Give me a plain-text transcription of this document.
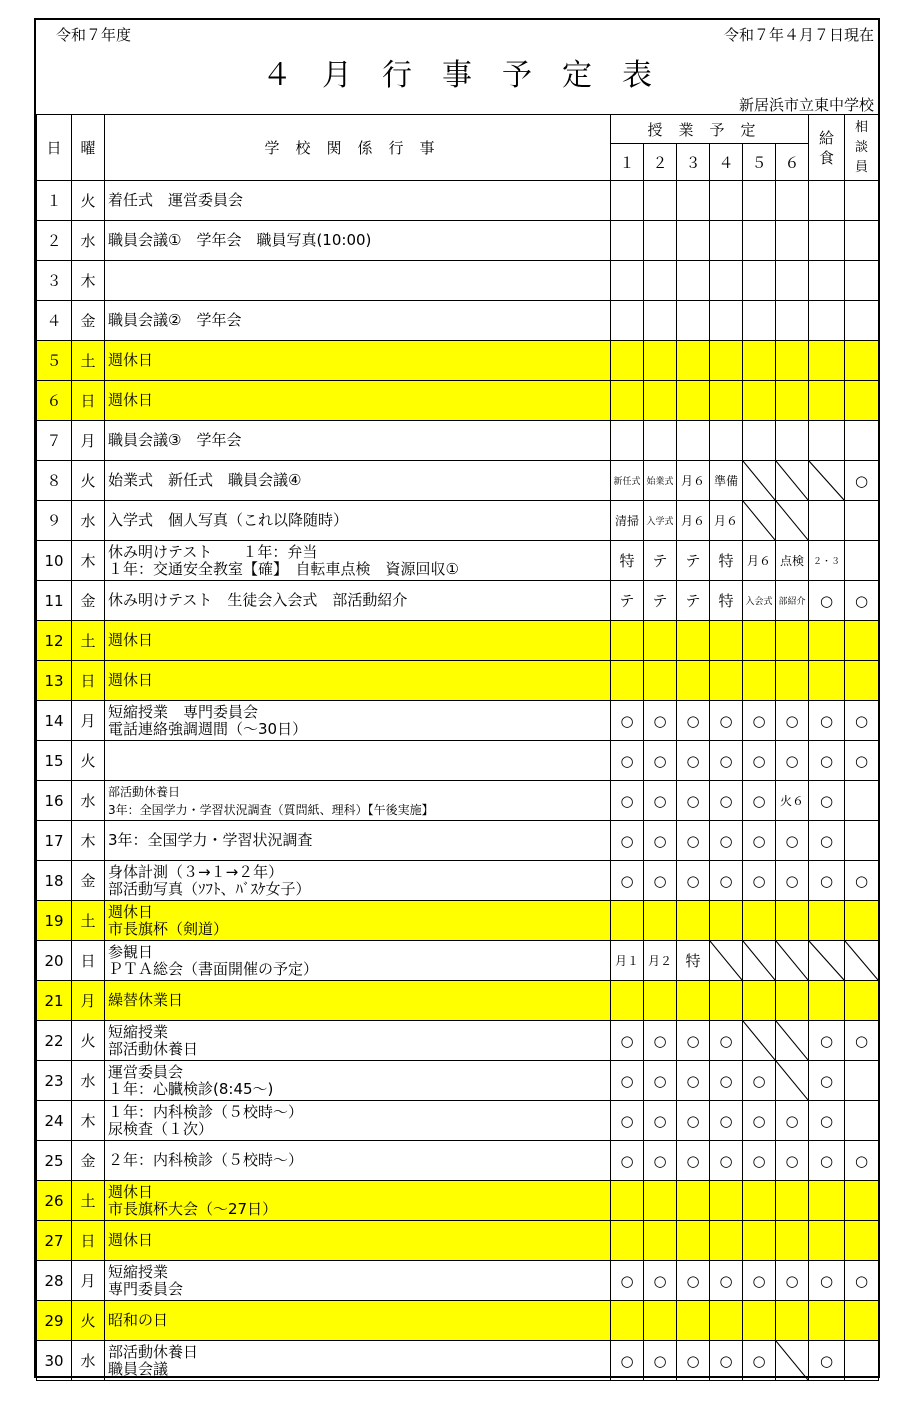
令和７年度	令和７年４月７日現在
４月行事予定表
新居浜市立東中学校
日	曜	学校関係行事	授業予定						給食	相談員
			１	２	３	４	５	６		
１	火	着任式　運営委員会								

２	水	職員会議①　学年会　職員写真(10:00)								

３	木	

４	金	職員会議②　学年会								

５	土	週休日								

６	日	週休日								

７	月	職員会議③　学年会								

８	火	始業式　新任式　職員会議④	新任式	始業式	月６	準備				○
９	水	入学式　個人写真（これ以降随時）	清掃	入学式	月６	月６	

10	木	休み明けテスト　　１年：弁当
１年：交通安全教室【確】　自転車点検　資源回収①	特	テ	テ	特	月６	点検	２・３	
11	金	休み明けテスト　生徒会入会式　部活動紹介	テ	テ	テ	特	入会式	部紹介	○	○
12	土	週休日								

13	日	週休日								

14	月	短縮授業　専門委員会
電話連絡強調週間（～30日）	○	○	○	○	○	○	○	○
15	火		○	○	○	○	○	○	○	○
16	水	部活動休養日
3年：全国学力・学習状況調査（質問紙、理科）【午後実施】	○	○	○	○	○	火６	○	
17	木	3年：全国学力・学習状況調査	○	○	○	○	○	○	○	
18	金	身体計測（３→１→２年）
部活動写真（ｿﾌﾄ、ﾊﾞｽｹ女子）	○	○	○	○	○	○	○	○
19	土	週休日
市長旗杯（剣道）								

20	日	参観日
ＰＴＡ総会（書面開催の予定）	月１	月２	特	

21	月	繰替休業日								

22	火	短縮授業
部活動休養日	○	○	○	○			○	○
23	水	運営委員会
１年：心臓検診(8:45～)	○	○	○	○	○		○	
24	木	１年：内科検診（５校時～）
尿検査（１次）	○	○	○	○	○	○	○	
25	金	２年：内科検診（５校時～）	○	○	○	○	○	○	○	○
26	土	週休日
市長旗杯大会（～27日）								

27	日	週休日								

28	月	短縮授業
専門委員会	○	○	○	○	○	○	○	○
29	火	昭和の日								

30	水	部活動休養日
職員会議	○	○	○	○	○		○	
